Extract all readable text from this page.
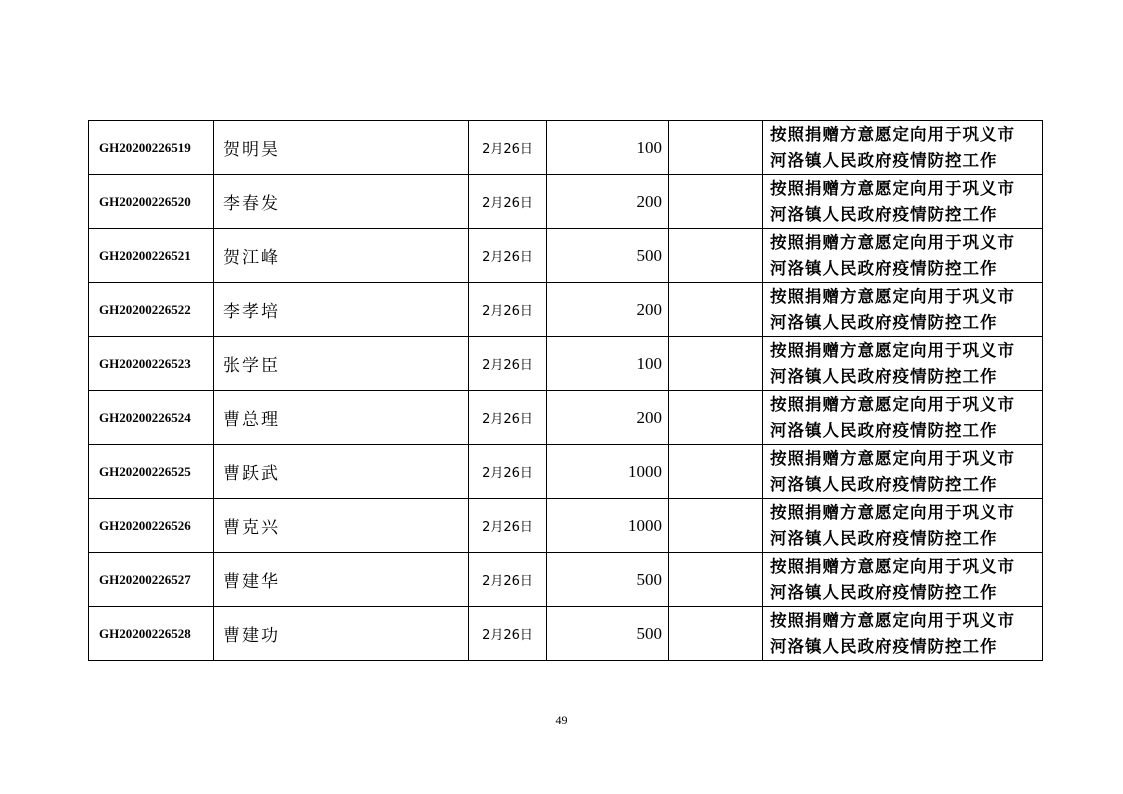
GH20200226519	贺明昊	2月26日	100		按照捐赠方意愿定向用于巩义市
河洛镇人民政府疫情防控工作

GH20200226520	李春发	2月26日	200		按照捐赠方意愿定向用于巩义市
河洛镇人民政府疫情防控工作

GH20200226521	贺江峰	2月26日	500		按照捐赠方意愿定向用于巩义市
河洛镇人民政府疫情防控工作

GH20200226522	李孝培	2月26日	200		按照捐赠方意愿定向用于巩义市
河洛镇人民政府疫情防控工作

GH20200226523	张学臣	2月26日	100		按照捐赠方意愿定向用于巩义市
河洛镇人民政府疫情防控工作

GH20200226524	曹总理	2月26日	200		按照捐赠方意愿定向用于巩义市
河洛镇人民政府疫情防控工作

GH20200226525	曹跃武	2月26日	1000		按照捐赠方意愿定向用于巩义市
河洛镇人民政府疫情防控工作

GH20200226526	曹克兴	2月26日	1000		按照捐赠方意愿定向用于巩义市
河洛镇人民政府疫情防控工作

GH20200226527	曹建华	2月26日	500		按照捐赠方意愿定向用于巩义市
河洛镇人民政府疫情防控工作

GH20200226528	曹建功	2月26日	500		按照捐赠方意愿定向用于巩义市
河洛镇人民政府疫情防控工作
49
